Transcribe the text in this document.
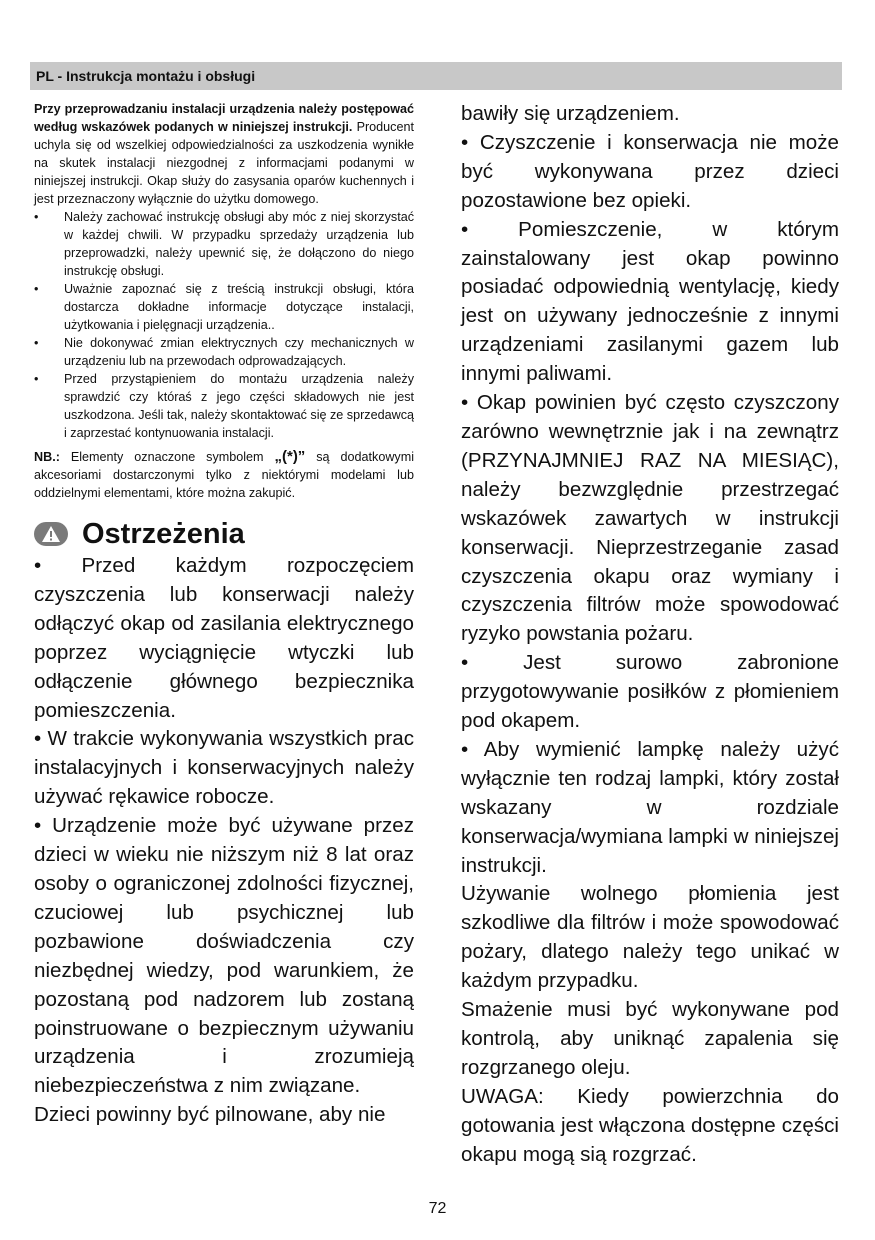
PL - Instrukcja montażu i obsługi

Przy przeprowadzaniu instalacji urządzenia należy postępować według wskazówek podanych w niniejszej instrukcji. Producent uchyla się od wszelkiej odpowiedzialności za uszkodzenia wynikłe na skutek instalacji niezgodnej z informacjami podanymi w niniejszej instrukcji. Okap służy do zasysania oparów kuchennych i jest przeznaczony wyłącznie do użytku domowego.

• Należy zachować instrukcję obsługi aby móc z niej skorzystać w każdej chwili. W przypadku sprzedaży urządzenia lub przeprowadzki, należy upewnić się, że dołączono do niego instrukcję obsługi.
• Uważnie zapoznać się z treścią instrukcji obsługi, która dostarcza dokładne informacje dotyczące instalacji, użytkowania i pielęgnacji urządzenia..
• Nie dokonywać zmian elektrycznych czy mechanicznych w urządzeniu lub na przewodach odprowadzających.
• Przed przystąpieniem do montażu urządzenia należy sprawdzić czy któraś z jego części składowych nie jest uszkodzona. Jeśli tak, należy skontaktować się ze sprzedawcą i zaprzestać kontynuowania instalacji.

NB.: Elementy oznaczone symbolem „(*)” są dodatkowymi akcesoriami dostarczonymi tylko z niektórymi modelami lub oddzielnymi elementami, które można zakupić.

Ostrzeżenia

• Przed każdym rozpoczęciem czyszczenia lub konserwacji należy odłączyć okap od zasilania elektrycznego poprzez wyciągnięcie wtyczki lub odłączenie głównego bezpiecznika pomieszczenia.

• W trakcie wykonywania wszystkich prac instalacyjnych i konserwacyjnych należy używać rękawice robocze.

• Urządzenie może być używane przez dzieci w wieku nie niższym niż 8 lat oraz osoby o ograniczonej zdolności fizycznej, czuciowej lub psychicznej lub pozbawione doświadczenia czy niezbędnej wiedzy, pod warunkiem, że pozostaną pod nadzorem lub zostaną poinstruowane o bezpiecznym używaniu urządzenia i zrozumieją niebezpieczeństwa z nim związane.

Dzieci powinny być pilnowane, aby nie

bawiły się urządzeniem.

• Czyszczenie i konserwacja nie może być wykonywana przez dzieci pozostawione bez opieki.

• Pomieszczenie, w którym zainstalowany jest okap powinno posiadać odpowiednią wentylację, kiedy jest on używany jednocześnie z innymi urządzeniami zasilanymi gazem lub innymi paliwami.

• Okap powinien być często czyszczony zarówno wewnętrznie jak i na zewnątrz (PRZYNAJMNIEJ RAZ NA MIESIĄC), należy bezwzględnie przestrzegać wskazówek zawartych w instrukcji konserwacji. Nieprzestrzeganie zasad czyszczenia okapu oraz wymiany i czyszczenia filtrów może spowodować ryzyko powstania pożaru.

• Jest surowo zabronione przygotowywanie posiłków z płomieniem pod okapem.

• Aby wymienić lampkę należy użyć wyłącznie ten rodzaj lampki, który został wskazany w rozdziale konserwacja/wymiana lampki w niniejszej instrukcji.

Używanie wolnego płomienia jest szkodliwe dla filtrów i może spowodować pożary, dlatego należy tego unikać w każdym przypadku.

Smażenie musi być wykonywane pod kontrolą, aby uniknąć zapalenia się rozgrzanego oleju.

UWAGA: Kiedy powierzchnia do gotowania jest włączona dostępne części okapu mogą sią rozgrzać.

72
